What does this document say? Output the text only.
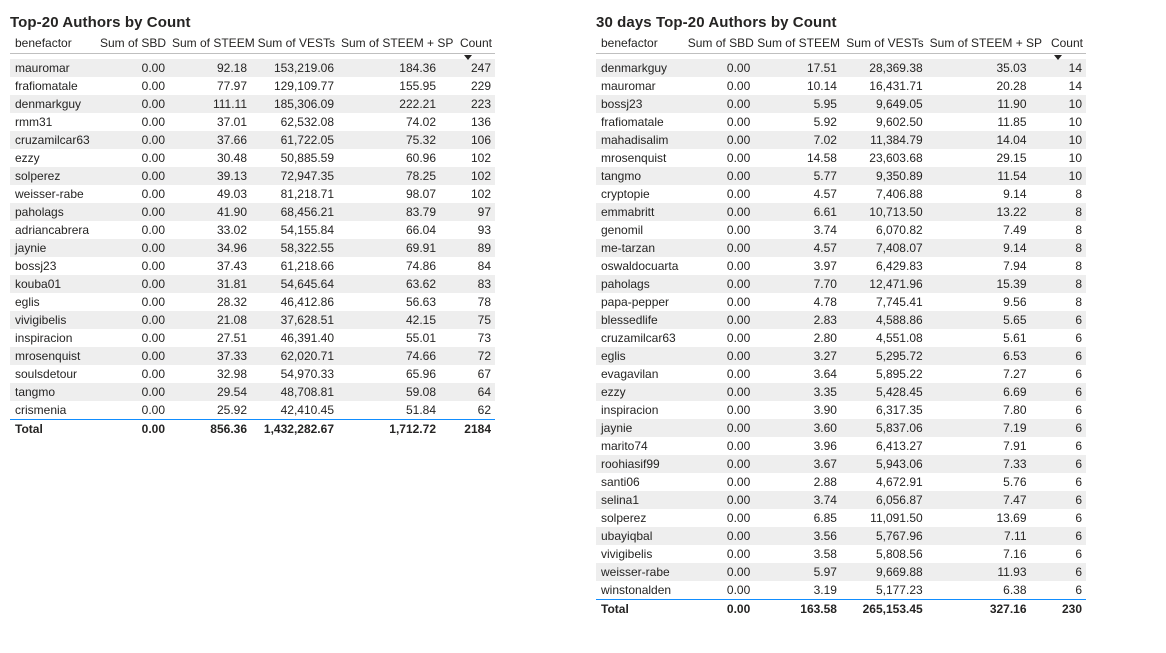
Top-20 Authors by Count
benefactor	Sum of SBD	Sum of STEEM	Sum of VESTs	Sum of STEEM + SP	Count

mauromar	0.00	92.18	153,219.06	184.36	247
frafiomatale	0.00	77.97	129,109.77	155.95	229
denmarkguy	0.00	111.11	185,306.09	222.21	223
rmm31	0.00	37.01	62,532.08	74.02	136
cruzamilcar63	0.00	37.66	61,722.05	75.32	106
ezzy	0.00	30.48	50,885.59	60.96	102
solperez	0.00	39.13	72,947.35	78.25	102
weisser-rabe	0.00	49.03	81,218.71	98.07	102
paholags	0.00	41.90	68,456.21	83.79	97
adriancabrera	0.00	33.02	54,155.84	66.04	93
jaynie	0.00	34.96	58,322.55	69.91	89
bossj23	0.00	37.43	61,218.66	74.86	84
kouba01	0.00	31.81	54,645.64	63.62	83
eglis	0.00	28.32	46,412.86	56.63	78
vivigibelis	0.00	21.08	37,628.51	42.15	75
inspiracion	0.00	27.51	46,391.40	55.01	73
mrosenquist	0.00	37.33	62,020.71	74.66	72
soulsdetour	0.00	32.98	54,970.33	65.96	67
tangmo	0.00	29.54	48,708.81	59.08	64
crismenia	0.00	25.92	42,410.45	51.84	62
Total	0.00	856.36	1,432,282.67	1,712.72	2184
30 days Top-20 Authors by Count
benefactor	Sum of SBD	Sum of STEEM	Sum of VESTs	Sum of STEEM + SP	Count

denmarkguy	0.00	17.51	28,369.38	35.03	14
mauromar	0.00	10.14	16,431.71	20.28	14
bossj23	0.00	5.95	9,649.05	11.90	10
frafiomatale	0.00	5.92	9,602.50	11.85	10
mahadisalim	0.00	7.02	11,384.79	14.04	10
mrosenquist	0.00	14.58	23,603.68	29.15	10
tangmo	0.00	5.77	9,350.89	11.54	10
cryptopie	0.00	4.57	7,406.88	9.14	8
emmabritt	0.00	6.61	10,713.50	13.22	8
genomil	0.00	3.74	6,070.82	7.49	8
me-tarzan	0.00	4.57	7,408.07	9.14	8
oswaldocuarta	0.00	3.97	6,429.83	7.94	8
paholags	0.00	7.70	12,471.96	15.39	8
papa-pepper	0.00	4.78	7,745.41	9.56	8
blessedlife	0.00	2.83	4,588.86	5.65	6
cruzamilcar63	0.00	2.80	4,551.08	5.61	6
eglis	0.00	3.27	5,295.72	6.53	6
evagavilan	0.00	3.64	5,895.22	7.27	6
ezzy	0.00	3.35	5,428.45	6.69	6
inspiracion	0.00	3.90	6,317.35	7.80	6
jaynie	0.00	3.60	5,837.06	7.19	6
marito74	0.00	3.96	6,413.27	7.91	6
roohiasif99	0.00	3.67	5,943.06	7.33	6
santi06	0.00	2.88	4,672.91	5.76	6
selina1	0.00	3.74	6,056.87	7.47	6
solperez	0.00	6.85	11,091.50	13.69	6
ubayiqbal	0.00	3.56	5,767.96	7.11	6
vivigibelis	0.00	3.58	5,808.56	7.16	6
weisser-rabe	0.00	5.97	9,669.88	11.93	6
winstonalden	0.00	3.19	5,177.23	6.38	6
Total	0.00	163.58	265,153.45	327.16	230
